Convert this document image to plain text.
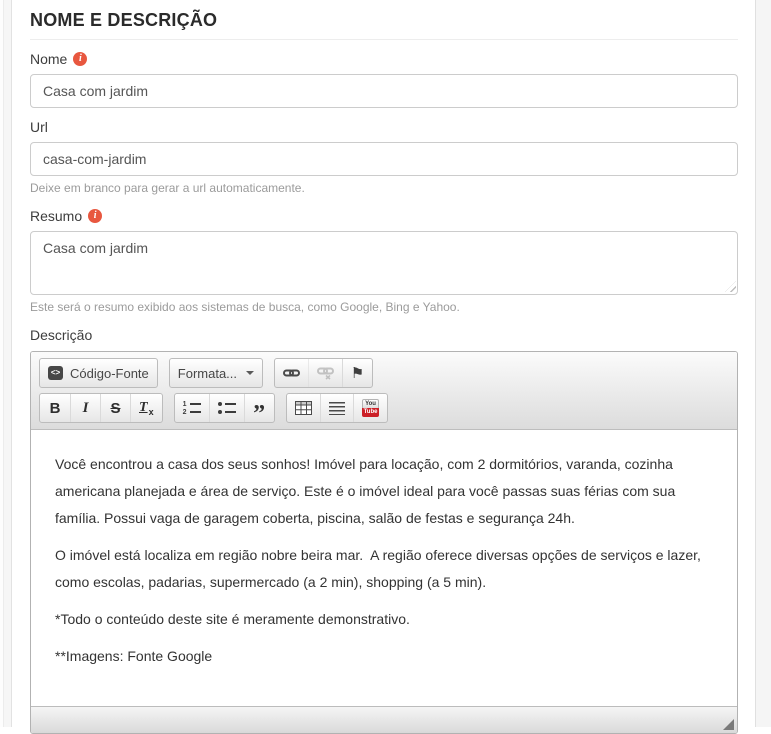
NOME E DESCRIÇÃO
Nome
i
Casa com jardim
Url
casa-com-jardim

Deixe em branco para gerar a url automaticamente.

Resumo
i
Casa com jardim

Este será o resumo exibido aos sistemas de busca, como Google, Bing e Yahoo.

Descrição
<>
Código-Fonte Formata...	⚑
B I S T x 1 2	”	You
Tube

Você encontrou a casa dos seus sonhos! Imóvel para locação, com 2 dormitórios, varanda, cozinha americana planejada e área de serviço. Este é o imóvel ideal para você passas suas férias com sua família. Possui vaga de garagem coberta, piscina, salão de festas e segurança 24h.

O imóvel está localiza em região nobre beira mar.  A região oferece diversas opções de serviços e lazer, como escolas, padarias, supermercado (a 2 min), shopping (a 5 min).

*Todo o conteúdo deste site é meramente demonstrativo.

**Imagens: Fonte Google
